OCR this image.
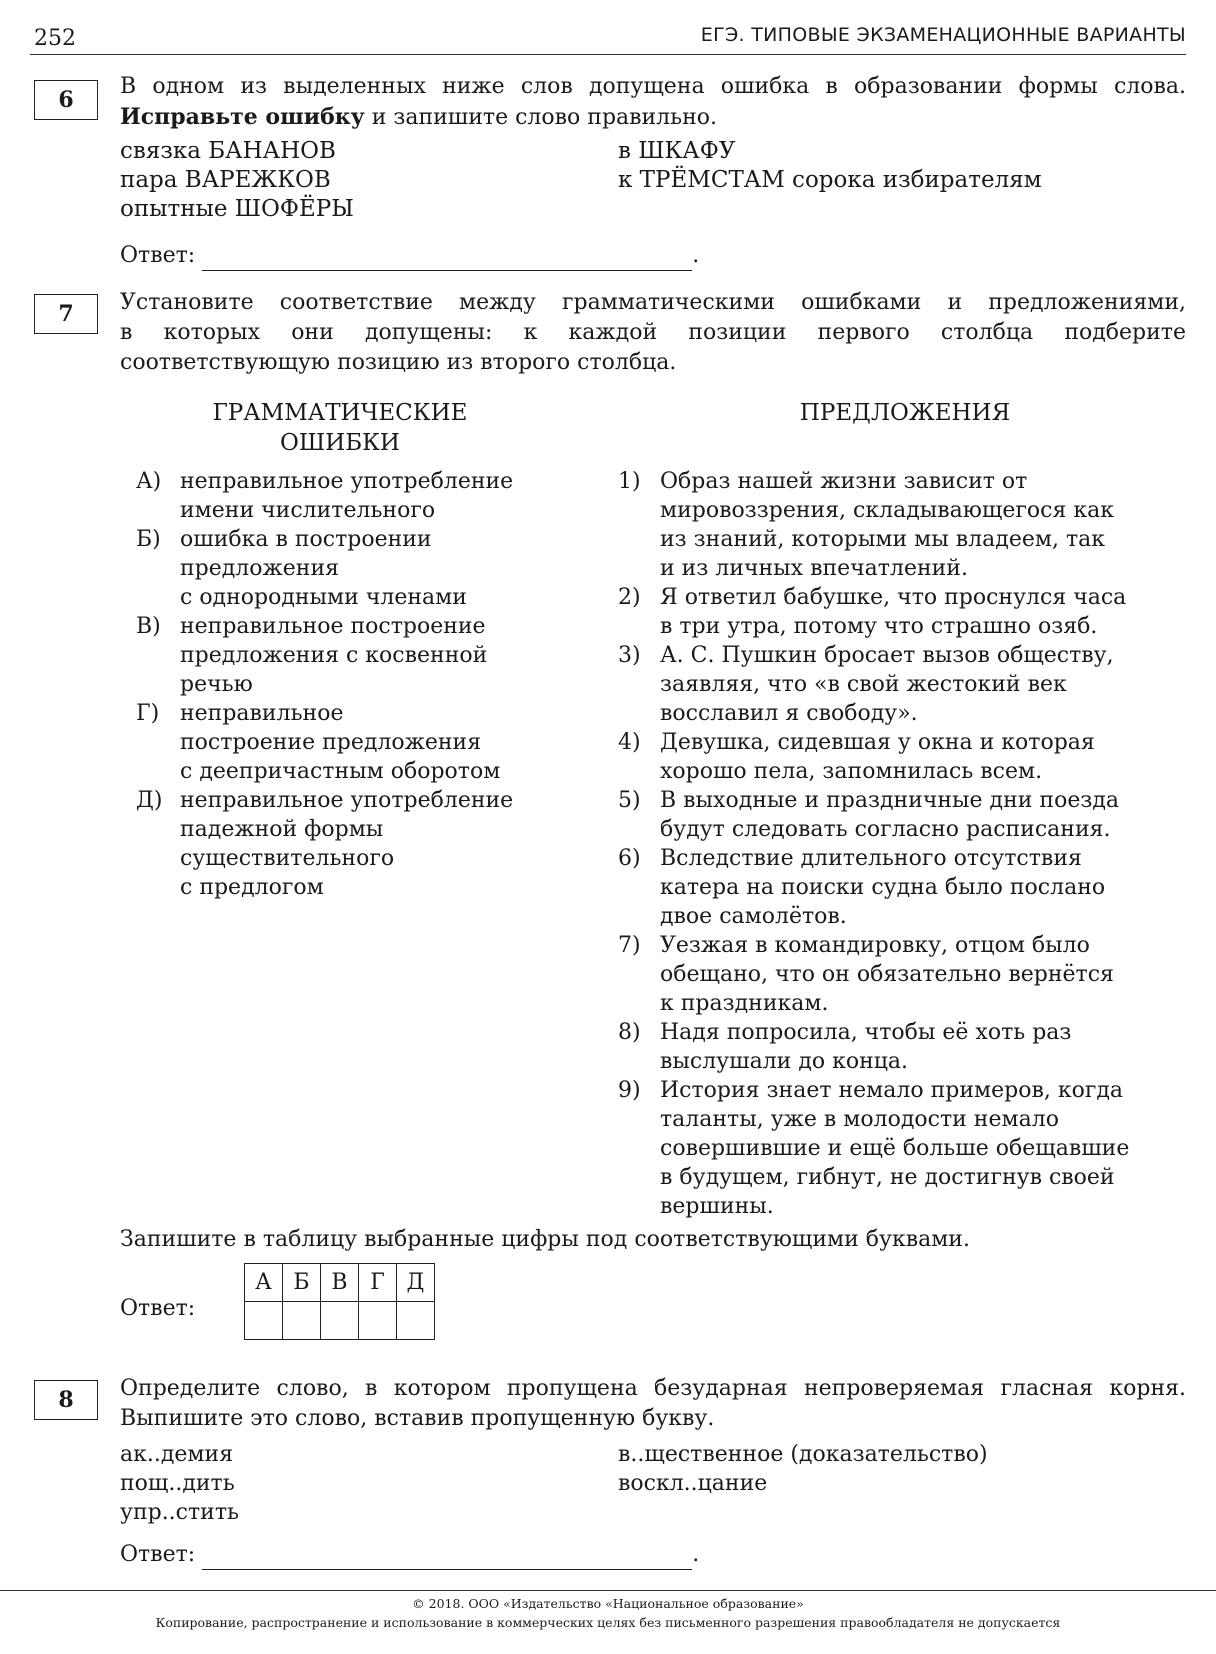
252	ЕГЭ. ТИПОВЫЕ ЭКЗАМЕНАЦИОННЫЕ ВАРИАНТЫ
6
В одном из выделенных ниже слов допущена ошибка в образовании формы слова.
Исправьте ошибку и запишите слово правильно.
связка БАНАНОВ
пара ВАРЕЖКОВ
опытные ШОФЁРЫ
в ШКАФУ
к ТРЁМСТАМ сорока избирателям
Ответ:	.
7	Установите соответствие между грамматическими ошибками и предложениями,
в которых они допущены: к каждой позиции первого столбца подберите
соответствующую позицию из второго столбца.
ГРАММАТИЧЕСКИЕ
ОШИБКИ
ПРЕДЛОЖЕНИЯ
А) неправильное употребление
имени числительного
Б) ошибка в построении
предложения
с однородными членами
В) неправильное построение
предложения с косвенной
речью
Г) неправильное
построение предложения
с деепричастным оборотом
Д) неправильное употребление
падежной формы
существительного
с предлогом
1) Образ нашей жизни зависит от
мировоззрения, складывающегося как
из знаний, которыми мы владеем, так
и из личных впечатлений.
2) Я ответил бабушке, что проснулся часа
в три утра, потому что страшно озяб.
3) А. С. Пушкин бросает вызов обществу,
заявляя, что «в свой жестокий век
восславил я свободу».
4) Девушка, сидевшая у окна и которая
хорошо пела, запомнилась всем.
5) В выходные и праздничные дни поезда
будут следовать согласно расписания.
6) Вследствие длительного отсутствия
катера на поиски судна было послано
двое самолётов.
7) Уезжая в командировку, отцом было
обещано, что он обязательно вернётся
к праздникам.
8) Надя попросила, чтобы её хоть раз
выслушали до конца.
9) История знает немало примеров, когда
таланты, уже в молодости немало
совершившие и ещё больше обещавшие
в будущем, гибнут, не достигнув своей
вершины.
Запишите в таблицу выбранные цифры под соответствующими буквами.
Ответ:
А	Б	В	Г	Д

8	Определите слово, в котором пропущена безударная непроверяемая гласная корня.
Выпишите это слово, вставив пропущенную букву.
ак..демия
пощ..дить
упр..стить
в..щественное (доказательство)
воскл..цание
Ответ:	.
© 2018. ООО «Издательство «Национальное образование»
Копирование, распространение и использование в коммерческих целях без письменного разрешения правообладателя не допускается
